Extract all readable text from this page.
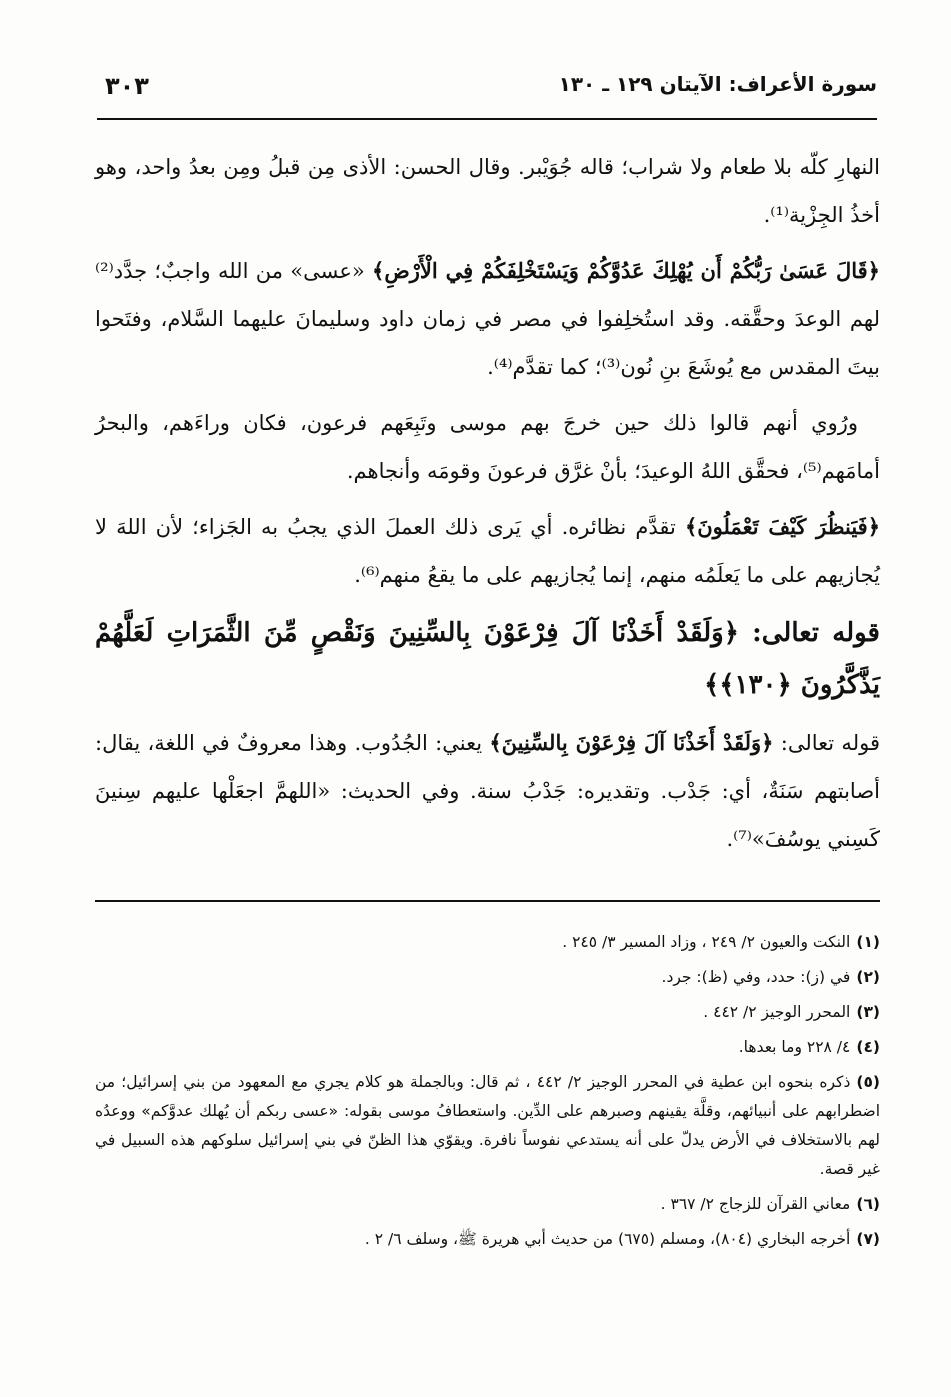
سورة الأعراف: الآيتان ١٢٩ ـ ١٣٠
٣٠٣

النهارِ كلّه بلا طعام ولا شراب؛ قاله جُوَيْبر. وقال الحسن: الأذى مِن قبلُ ومِن بعدُ واحد، وهو أخذُ الجِزْية⁽¹⁾.

﴿قَالَ عَسَىٰ رَبُّكُمْ أَن يُهْلِكَ عَدُوَّكُمْ وَيَسْتَخْلِفَكُمْ فِي الْأَرْضِ﴾ «عسى» من الله واجبٌ؛ جدَّد⁽²⁾ لهم الوعدَ وحقَّقه. وقد استُخلِفوا في مصر في زمان داود وسليمانَ عليهما السَّلام، وفتَحوا بيتَ المقدس مع يُوشَعَ بنِ نُون⁽³⁾؛ كما تقدَّم⁽⁴⁾.

ورُوي أنهم قالوا ذلك حين خرجَ بهم موسى وتَبِعَهم فرعون، فكان وراءَهم، والبحرُ أمامَهم⁽⁵⁾، فحقَّق اللهُ الوعيدَ؛ بأنْ غرَّق فرعونَ وقومَه وأنجاهم.

﴿فَيَنظُرَ كَيْفَ تَعْمَلُونَ﴾ تقدَّم نظائره. أي يَرى ذلك العملَ الذي يجبُ به الجَزاء؛ لأن اللهَ لا يُجازيهم على ما يَعلَمُه منهم، إنما يُجازيهم على ما يقعُ منهم⁽⁶⁾.

قوله تعالى: ﴿وَلَقَدْ أَخَذْنَا آلَ فِرْعَوْنَ بِالسِّنِينَ وَنَقْصٍ مِّنَ الثَّمَرَاتِ لَعَلَّهُمْ يَذَّكَّرُونَ ﴿١٣٠﴾﴾

قوله تعالى: ﴿وَلَقَدْ أَخَذْنَا آلَ فِرْعَوْنَ بِالسِّنِينَ﴾ يعني: الجُدُوب. وهذا معروفٌ في اللغة، يقال: أصابتهم سَنَةٌ، أي: جَدْب. وتقديره: جَدْبُ سنة. وفي الحديث: «اللهمَّ اجعَلْها عليهم سِنينَ كَسِني يوسُفَ»⁽⁷⁾.

(١)النكت والعيون ٢/ ٢٤٩ ، وزاد المسير ٣/ ٢٤٥ .
(٢)في (ز): حدد، وفي (ظ): جرد.
(٣)المحرر الوجيز ٢/ ٤٤٢ .
(٤)٤/ ٢٢٨ وما بعدها.
(٥)ذكره بنحوه ابن عطية في المحرر الوجيز ٢/ ٤٤٢ ، ثم قال: وبالجملة هو كلام يجري مع المعهود من بني إسرائيل؛ من اضطرابهم على أنبيائهم، وقلَّة يقينهم وصبرهم على الدِّين. واستعطافُ موسى بقوله: «عسى ربكم أن يُهلك عدوَّكم» ووعدُه لهم بالاستخلاف في الأرض يدلّ على أنه يستدعي نفوساً نافرة. ويقوّي هذا الظنّ في بني إسرائيل سلوكهم هذه السبيل في غير قصة.
(٦)معاني القرآن للزجاج ٢/ ٣٦٧ .
(٧)أخرجه البخاري (٨٠٤)، ومسلم (٦٧٥) من حديث أبي هريرة ﷺ، وسلف ٦/ ٢ .
